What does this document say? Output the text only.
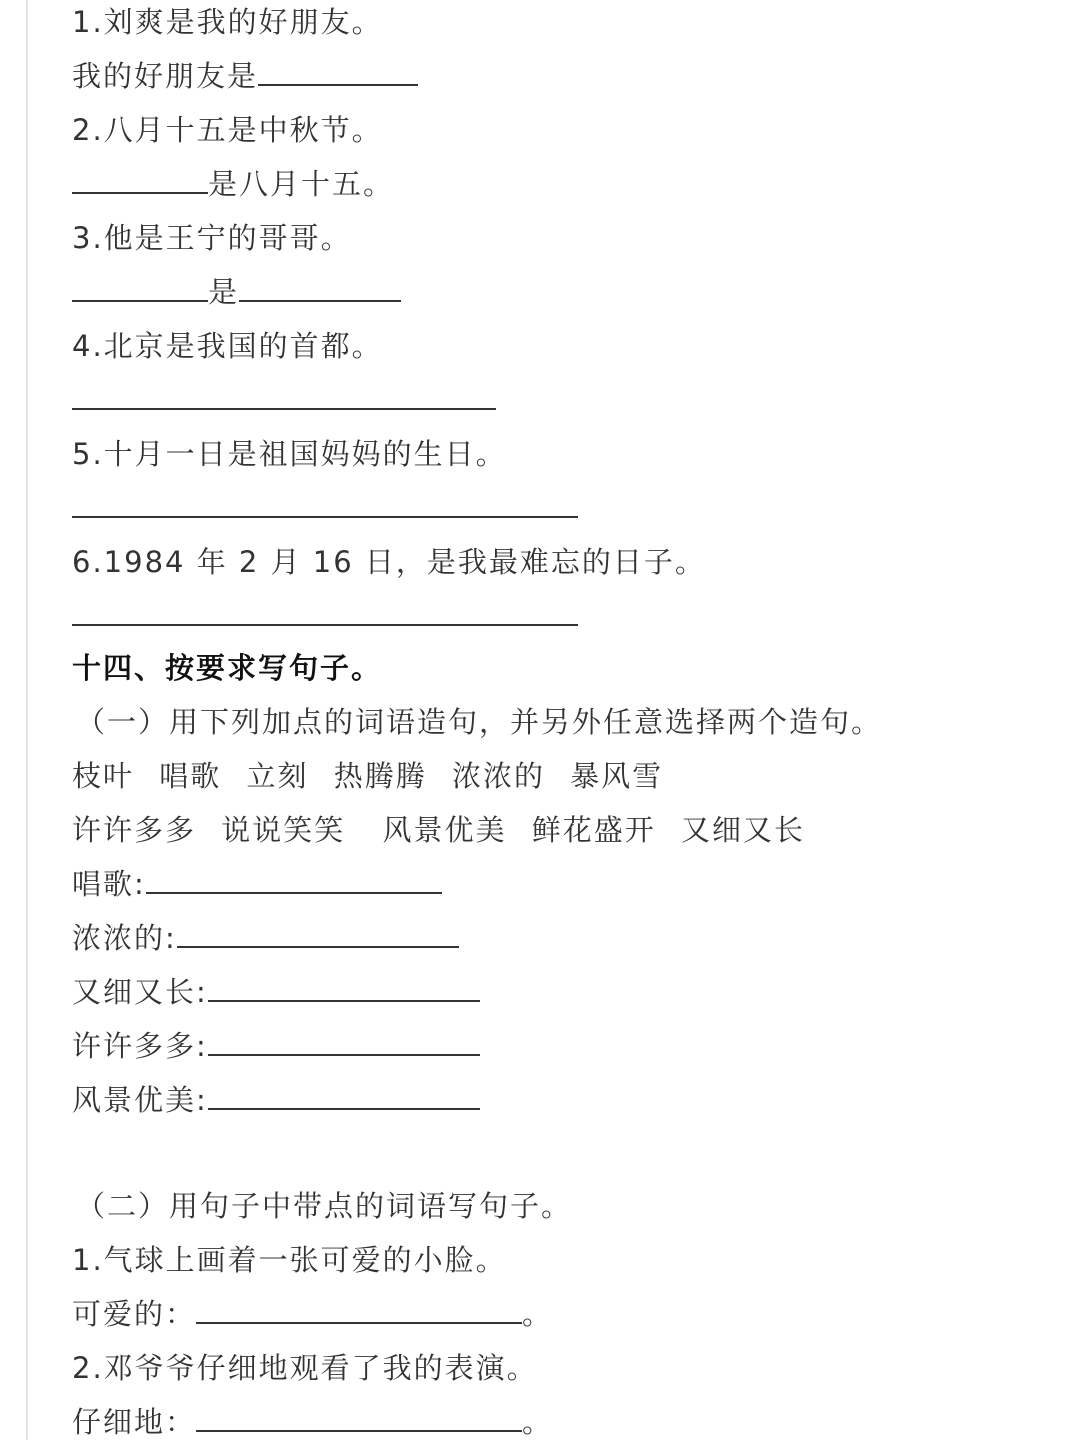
1.刘爽是我的好朋友。
我的好朋友是
2.八月十五是中秋节。
是八月十五。
3.他是王宁的哥哥。
是
4.北京是我国的首都。
5.十月一日是祖国妈妈的生日。
6.1984 年 2 月 16 日，是我最难忘的日子。
十四、按要求写句子。
（一）用下列加点的词语造句，并另外任意选择两个造句。
枝叶 唱歌 立刻 热腾腾 浓浓的 暴风雪
许许多多 说说笑笑 风景优美 鲜花盛开 又细又长
唱歌:
浓浓的:
又细又长:
许许多多:
风景优美:
（二）用句子中带点的词语写句子。
1.气球上画着一张可爱的小脸。
可爱的：	。
2.邓爷爷仔细地观看了我的表演。
仔细地：	。
